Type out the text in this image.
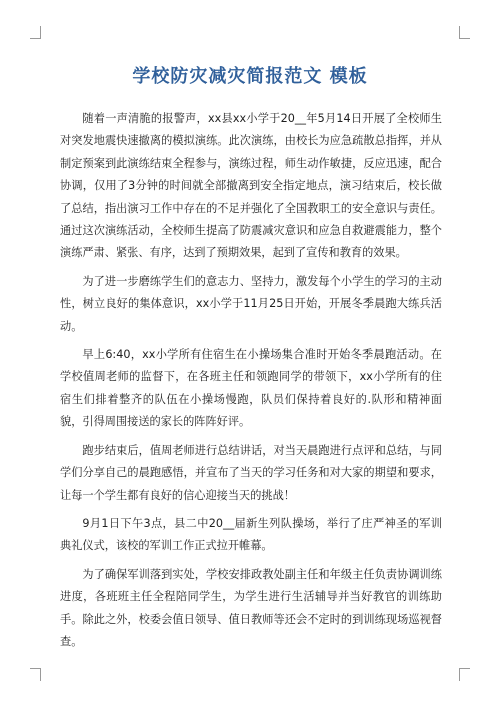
学校防灾减灾简报范文 模板

随着一声清脆的报警声，xx县xx小学于20__年5月14日开展了全校师生对突发地震快速撤离的模拟演练。此次演练，由校长为应急疏散总指挥，并从制定预案到此演练结束全程参与，演练过程，师生动作敏捷，反应迅速，配合协调，仅用了3分钟的时间就全部撤离到安全指定地点，演习结束后，校长做了总结，指出演习工作中存在的不足并强化了全国教职工的安全意识与责任。通过这次演练活动，全校师生提高了防震减灾意识和应急自救避震能力，整个演练严肃、紧张、有序，达到了预期效果，起到了宣传和教育的效果。

为了进一步磨练学生们的意志力、坚持力，激发每个小学生的学习的主动性，树立良好的集体意识，xx小学于11月25日开始，开展冬季晨跑大练兵活动。

早上6:40，xx小学所有住宿生在小操场集合准时开始冬季晨跑活动。在学校值周老师的监督下，在各班主任和领跑同学的带领下，xx小学所有的住宿生们排着整齐的队伍在小操场慢跑，队员们保持着良好的.队形和精神面貌，引得周围接送的家长的阵阵好评。

跑步结束后，值周老师进行总结讲话，对当天晨跑进行点评和总结，与同学们分享自己的晨跑感悟，并宣布了当天的学习任务和对大家的期望和要求，让每一个学生都有良好的信心迎接当天的挑战！

9月1日下午3点，县二中20__届新生列队操场，举行了庄严神圣的军训典礼仪式，该校的军训工作正式拉开帷幕。

为了确保军训落到实处，学校安排政教处副主任和年级主任负责协调训练进度，各班班主任全程陪同学生，为学生进行生活辅导并当好教官的训练助手。除此之外，校委会值日领导、值日教师等还会不定时的到训练现场巡视督查。
